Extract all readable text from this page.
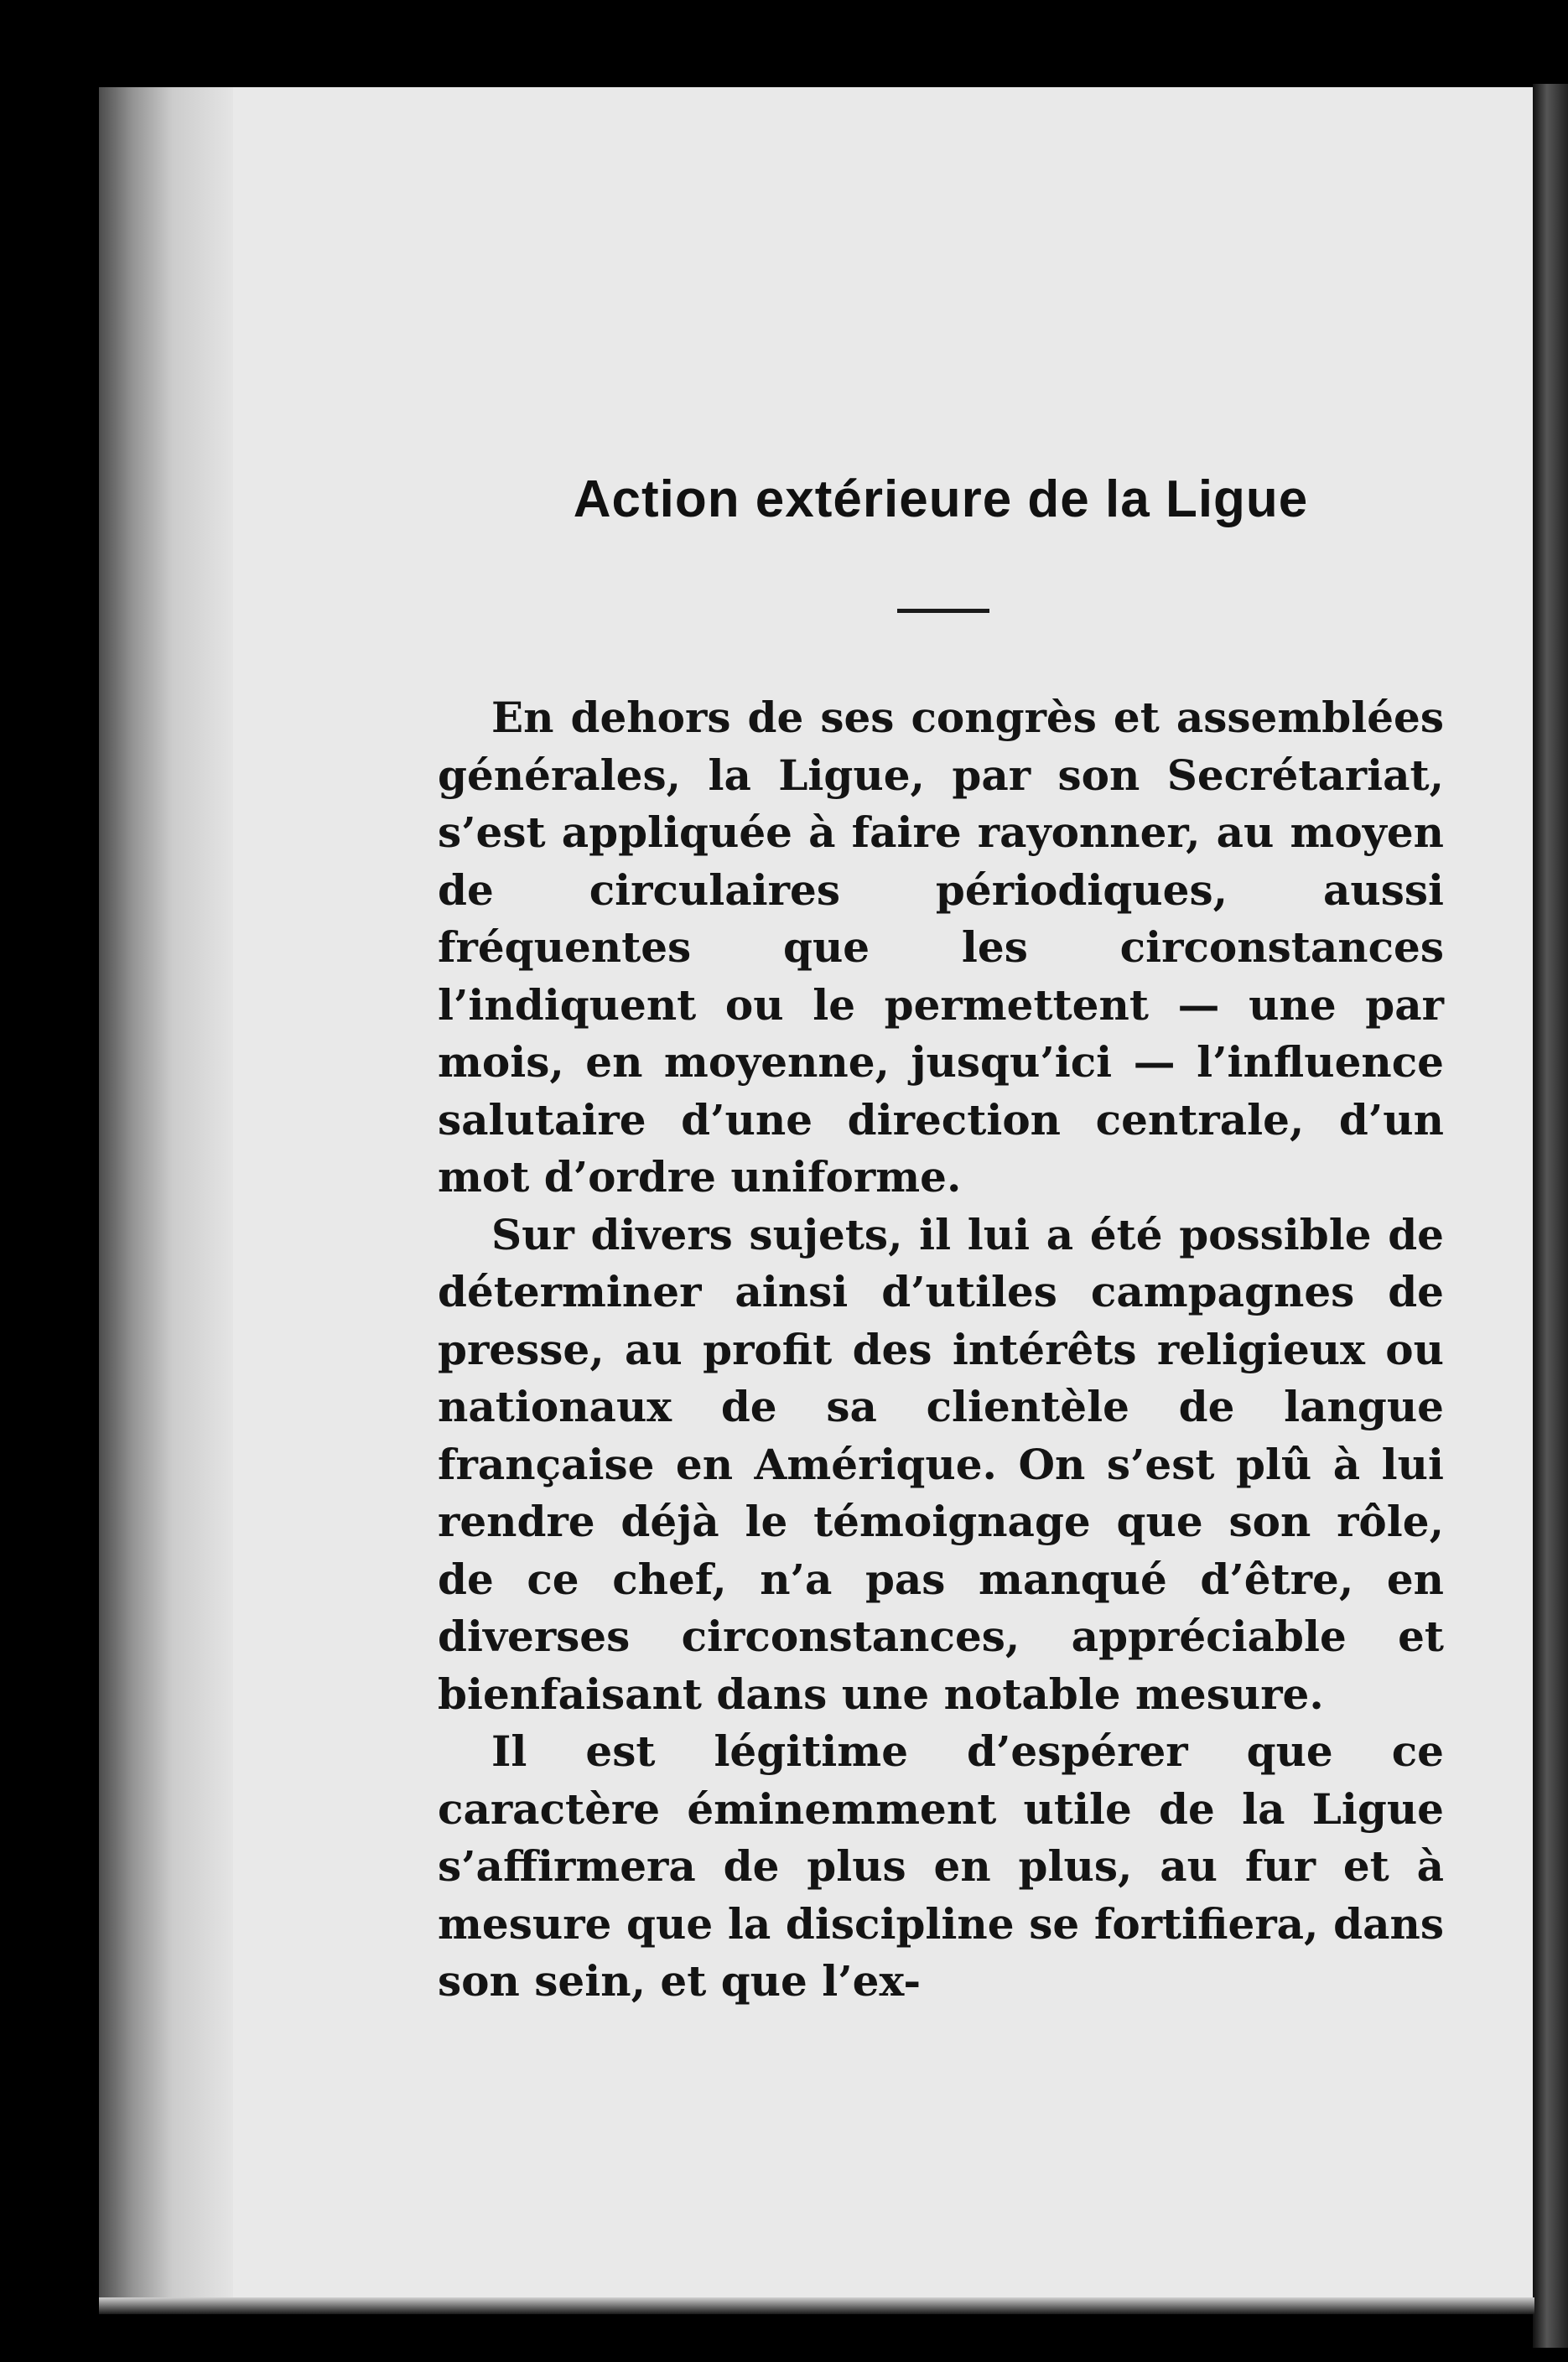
Action extérieure de la Ligue

En dehors de ses congrès et assemblées générales, la Ligue, par son Secrétariat, s’est appliquée à faire rayonner, au moyen de circulaires périodiques, aussi fréquentes que les circonstances l’indiquent ou le permettent — une par mois, en moyenne, jusqu’ici — l’influence salutaire d’une direction centrale, d’un mot d’ordre uniforme.

Sur divers sujets, il lui a été possible de déterminer ainsi d’utiles campagnes de presse, au profit des intérêts religieux ou nationaux de sa clientèle de langue française en Amérique. On s’est plû à lui rendre déjà le témoignage que son rôle, de ce chef, n’a pas manqué d’être, en diverses circonstances, appréciable et bienfaisant dans une notable mesure.

Il est légitime d’espérer que ce caractère éminemment utile de la Ligue s’affirmera de plus en plus, au fur et à mesure que la discipline se fortifiera, dans son sein, et que l’ex-
